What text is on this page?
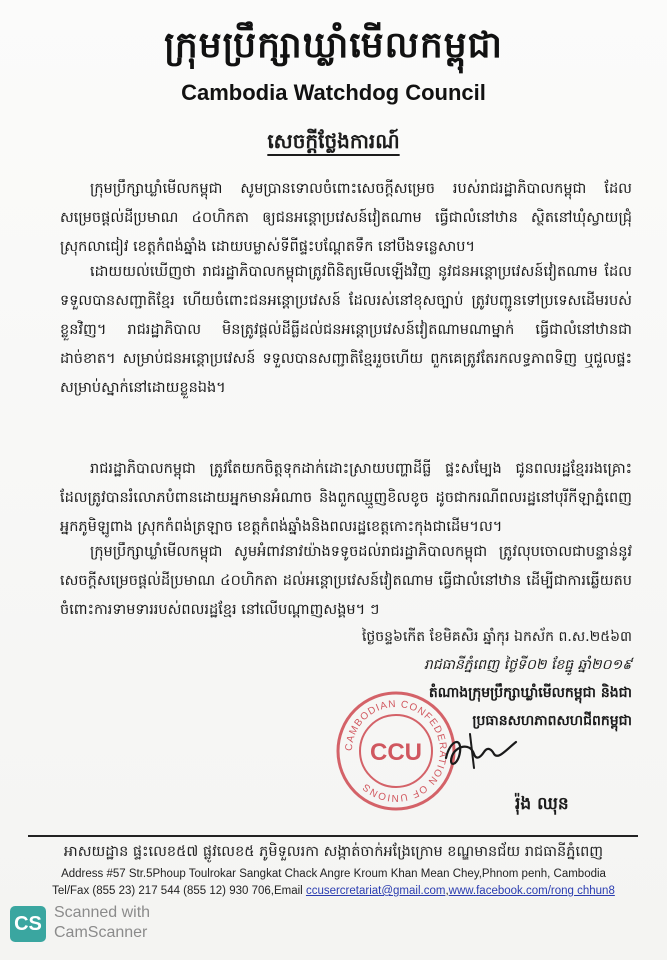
ក្រុមប្រឹក្សាឃ្លាំមើលកម្ពុជា
Cambodia Watchdog Council
សេចក្ដីថ្លែងការណ៍

ក្រុមប្រឹក្សាឃ្លាំមើលកម្ពុជា សូមប្រានទោលចំពោះសេចក្តីសម្រេច របស់រាជរដ្ឋាភិបាលកម្ពុជា ដែលសម្រេចផ្តល់ដីប្រមាណ ៤០ហិកតា ឲ្យជនអន្តោប្រវេសន៍វៀតណាម ធ្វើជាលំនៅឋាន ស្ថិតនៅឃុំស្វាយជ្រុំ ស្រុកលាជៀវ ខេត្តកំពង់ឆ្នាំង ដោយបម្លាស់ទីពីផ្ទះបណ្តែតទឹក នៅបឹងទន្លេសាប។

ដោយយល់ឃើញថា រាជរដ្ឋាភិបាលកម្ពុជាត្រូវពិនិត្យមើលឡើងវិញ នូវជនអន្តោប្រវេសន៍វៀតណាម ដែលទទួលបានសញ្ជាតិខ្មែរ ហើយចំពោះជនអន្តោប្រវេសន៍ ដែលរស់នៅខុសច្បាប់ ត្រូវបញ្ជូនទៅប្រទេសដើមរបស់ខ្លួនវិញ។ រាជរដ្ឋាភិបាល មិនត្រូវផ្តល់ដីធ្លីដល់ជនអន្តោប្រវេសន៍វៀតណាមណាម្នាក់ ធ្វើជាលំនៅឋានជាដាច់ខាត។ សម្រាប់ជនអន្តោប្រវេសន៍ ទទួលបានសញ្ជាតិខ្មែររួចហើយ ពួកគេត្រូវតែរកលទ្ធភាពទិញ ឬជួលផ្ទះសម្រាប់ស្នាក់នៅដោយខ្លួនឯង។

រាជរដ្ឋាភិបាលកម្ពុជា ត្រូវតែយកចិត្តទុកដាក់ដោះស្រាយបញ្ហាដីធ្លី ផ្ទះសម្បែង ជូនពលរដ្ឋខ្មែររងគ្រោះ ដែលត្រូវបានរំលោភបំពានដោយអ្នកមានអំណាច និងពួកឈ្មួញខិលខូច ដូចជាករណីពលរដ្ឋនៅបុរីកីឡាភ្នំពេញ អ្នកភូមិឡូពាង ស្រុកកំពង់ត្រឡាច ខេត្តកំពង់ឆ្នាំងនិងពលរដ្ឋខេត្តកោះកុងជាដើម។ល។

ក្រុមប្រឹក្សាឃ្លាំមើលកម្ពុជា សូមអំពាវនាវយ៉ាងទទូចដល់រាជរដ្ឋាភិបាលកម្ពុជា ត្រូវលុបចោលជាបន្ទាន់នូវសេចក្តីសម្រេចផ្តល់ដីប្រមាណ ៤០ហិកតា ដល់អន្តោប្រវេសន៍វៀតណាម ធ្វើជាលំនៅឋាន ដើម្បីជាការឆ្លើយតបចំពោះការទាមទាររបស់ពលរដ្ឋខ្មែរ នៅលើបណ្តាញសង្គម។ ៗ

ថ្ងៃចន្ទ៦កើត ខែមិគសិរ ឆ្នាំកុរ ឯកស័ក ព.ស.២៥៦៣
រាជធានីភ្នំពេញ ថ្ងៃទី០២ ខែធ្នូ ឆ្នាំ២០១៩
តំណាងក្រុមប្រឹក្សាឃ្លាំមើលកម្ពុជា និងជា
ប្រធានសហភាពសហជីពកម្ពុជា
CAMBODIAN CONFEDERATION OF UNIONS
CCU
រ៉ុង ឈុន
អាសយដ្ឋាន ផ្ទះលេខ៥៧ ផ្លូវលេខ៥ ភូមិទួលរកា សង្កាត់ចាក់អង្រែក្រោម ខណ្ឌមានជ័យ រាជធានីភ្នំពេញ
Address #57 Str.5Phoup Toulrokar Sangkat Chack Angre Kroum Khan Mean Chey,Phnom penh, Cambodia
Tel/Fax (855 23) 217 544 (855 12) 930 706,Email ccusercretariat@gmail.com,www.facebook.com/rong chhun8
CS
Scanned with
CamScanner
